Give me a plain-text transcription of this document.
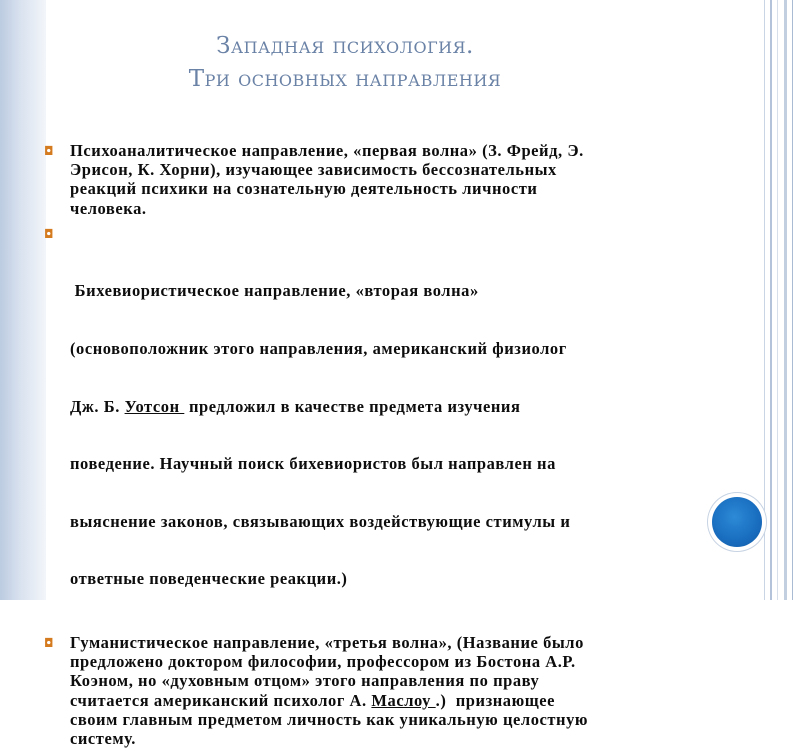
Западная психология.
Три основных направления
◘ Психоаналитическое направление, «первая волна» (З. Фрейд, Э.
Эрисон, К. Хорни), изучающее зависимость бессознательных
реакций психики на сознательную деятельность личности
человека.

◘

Бихевиористическое направление, «вторая волна»

(основоположник этого направления, американский физиолог

Дж. Б. Уотсон  предложил в качестве предмета изучения

поведение. Научный поиск бихевиористов был направлен на

выяснение законов, связывающих воздействующие стимулы и

ответные поведенческие реакции.)

◘ Гуманистическое направление, «третья волна», (Название было
предложено доктором философии, профессором из Бостона А.Р.
Коэном, но «духовным отцом» этого направления по праву
считается американский психолог А. Маслоу .)  признающее
своим главным предметом личность как уникальную целостную
систему.
